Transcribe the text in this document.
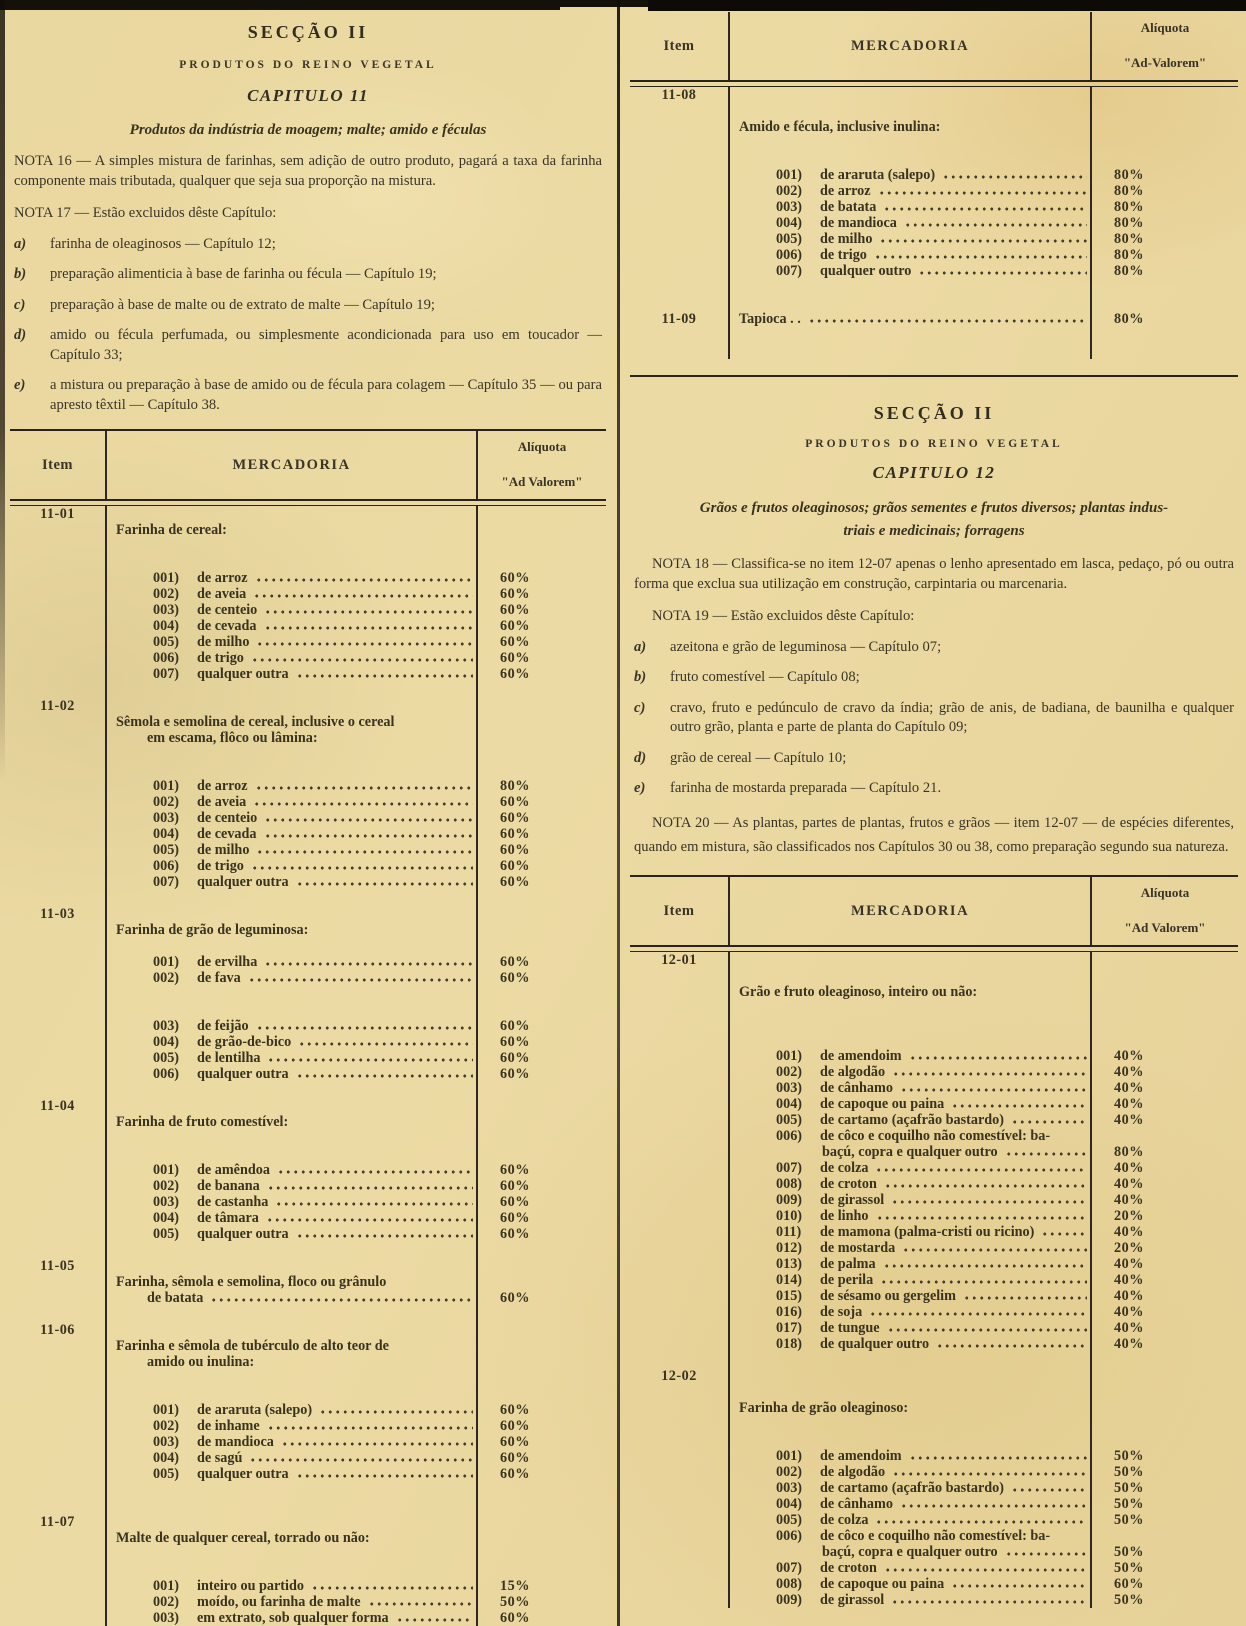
SECÇÃO II
PRODUTOS DO REINO VEGETAL
CAPITULO 11
Produtos da indústria de moagem; malte; amido e féculas

NOTA 16 — A simples mistura de farinhas, sem adição de outro produto, pagará a taxa da farinha componente mais tributada, qualquer que seja sua proporção na mistura.

NOTA 17 — Estão excluidos dêste Capítulo:

a)	farinha de oleaginosos — Capítulo 12;
b)	preparação alimenticia à base de farinha ou fécula — Capítulo 19;
c)	preparação à base de malte ou de extrato de malte — Capítulo 19;
d)	amido ou fécula perfumada, ou simplesmente acondicionada para uso em toucador — Capítulo 33;
e)	a mistura ou preparação à base de amido ou de fécula para colagem — Capítulo 35 — ou para apresto têxtil — Capítulo 38.
Item	MERCADORIA
Alíquota
"Ad Valorem"
11-01
Farinha de cereal:
001)	de arroz	60%
002)	de aveia	60%
003)	de centeio	60%
004)	de cevada	60%
005)	de milho	60%
006)	de trigo	60%
007)	qualquer outra	60%
11-02
Sêmola e semolina de cereal, inclusive o cereal
em escama, flôco ou lâmina:
001)	de arroz	80%
002)	de aveia	60%
003)	de centeio	60%
004)	de cevada	60%
005)	de milho	60%
006)	de trigo	60%
007)	qualquer outra	60%
11-03
Farinha de grão de leguminosa:
001)	de ervilha	60%
002)	de fava	60%
003)	de feijão	60%
004)	de grão-de-bico	60%
005)	de lentilha	60%
006)	qualquer outra	60%
11-04
Farinha de fruto comestível:
001)	de amêndoa	60%
002)	de banana	60%
003)	de castanha	60%
004)	de tâmara	60%
005)	qualquer outra	60%
11-05
Farinha, sêmola e semolina, floco ou grânulo
de batata	60%
11-06
Farinha e sêmola de tubérculo de alto teor de
amido ou inulina:
001)	de araruta (salepo)	60%
002)	de inhame	60%
003)	de mandioca	60%
004)	de sagú	60%
005)	qualquer outra	60%
11-07
Malte de qualquer cereal, torrado ou não:
001)	inteiro ou partido	15%
002)	moído, ou farinha de malte	50%
003)	em extrato, sob qualquer forma	60%
Item	MERCADORIA
Alíquota
"Ad-Valorem"
11-08
Amido e fécula, inclusive inulina:
001)	de araruta (salepo)	80%
002)	de arroz	80%
003)	de batata	80%
004)	de mandioca	80%
005)	de milho	80%
006)	de trigo	80%
007)	qualquer outro	80%
11-09	Tapioca . .	80%
SECÇÃO II
PRODUTOS DO REINO VEGETAL
CAPITULO 12
Grãos e frutos oleaginosos; grãos sementes e frutos diversos; plantas indus-
triais e medicinais; forragens

NOTA 18 — Classifica-se no item 12-07 apenas o lenho apresentado em lasca, pedaço, pó ou outra forma que exclua sua utilização em construção, carpintaria ou marcenaria.

NOTA 19 — Estão excluidos dêste Capítulo:

a)	azeitona e grão de leguminosa — Capítulo 07;
b)	fruto comestível — Capítulo 08;
c)	cravo, fruto e pedúnculo de cravo da índia; grão de anis, de badiana, de baunilha e qualquer outro grão, planta e parte de planta do Capítulo 09;
d)	grão de cereal — Capítulo 10;
e)	farinha de mostarda preparada — Capítulo 21.

NOTA 20 — As plantas, partes de plantas, frutos e grãos — item 12-07 — de espécies diferentes, quando em mistura, são classificados nos Capítulos 30 ou 38, como preparação segundo sua natureza.

Item	MERCADORIA
Alíquota
"Ad Valorem"
12-01
Grão e fruto oleaginoso, inteiro ou não:
001)	de amendoim	40%
002)	de algodão	40%
003)	de cânhamo	40%
004)	de capoque ou paina	40%
005)	de cartamo (açafrão bastardo)	40%
006)	de côco e coquilho não comestível: ba-
baçú, copra e qualquer outro	80%
007)	de colza	40%
008)	de croton	40%
009)	de girassol	40%
010)	de linho	20%
011)	de mamona (palma-cristi ou ricino)	40%
012)	de mostarda	20%
013)	de palma	40%
014)	de perila	40%
015)	de sésamo ou gergelim	40%
016)	de soja	40%
017)	de tungue	40%
018)	de qualquer outro	40%
12-02
Farinha de grão oleaginoso:
001)	de amendoim	50%
002)	de algodão	50%
003)	de cartamo (açafrão bastardo)	50%
004)	de cânhamo	50%
005)	de colza	50%
006)	de côco e coquilho não comestível: ba-
baçú, copra e qualquer outro	50%
007)	de croton	50%
008)	de capoque ou paina	60%
009)	de girassol	50%
